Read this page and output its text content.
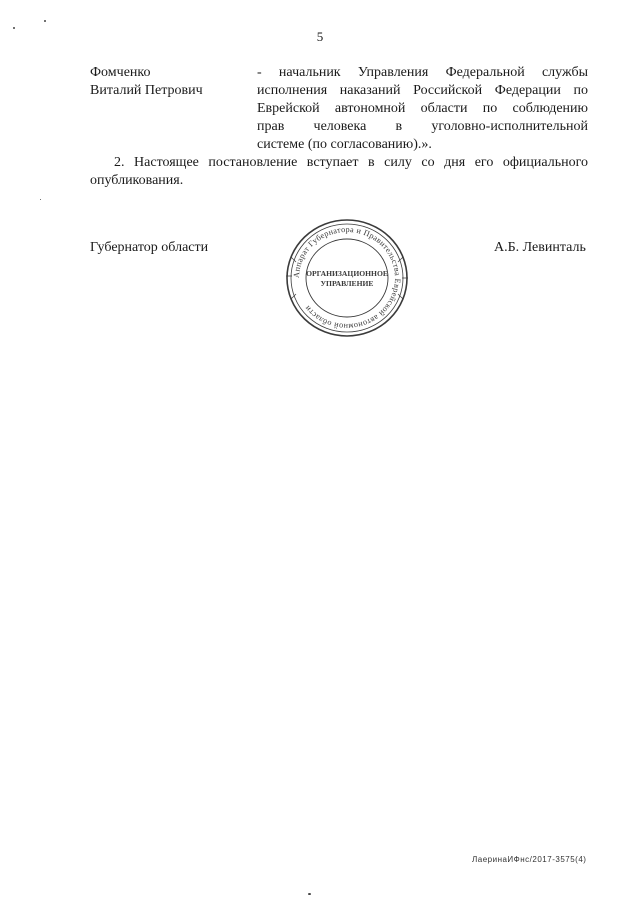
5
Фомченко
Виталий Петрович
- начальник Управления Федеральной службы
исполнения наказаний Российской Федерации по
Еврейской автономной области по соблюдению
прав человека в уголовно-исполнительной
системе (по согласованию).».
2. Настоящее постановление вступает в силу со дня его официального
опубликования.
Губернатор области
Аппарат Губернатора и Правительства Еврейской автономной области
ОРГАНИЗАЦИОННОЕ
УПРАВЛЕНИЕ
А.Б. Левинталь
ЛаеринаИФнс/2017-3575(4)
